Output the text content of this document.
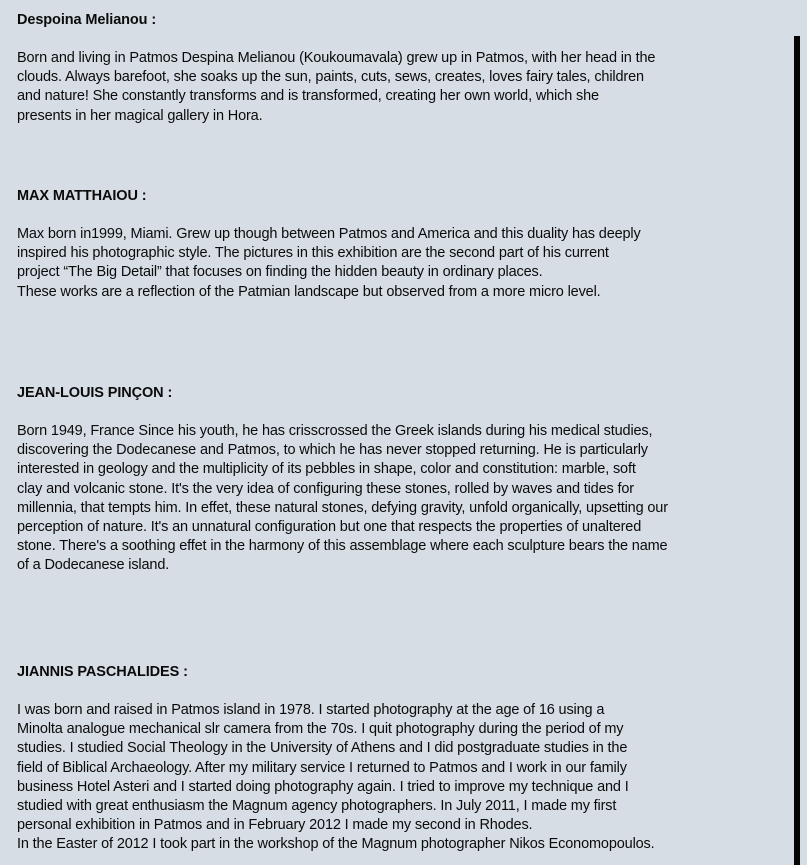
Despoina Melianou :

Born and living in Patmos Despina Melianou (Koukoumavala) grew up in Patmos, with her head in the
clouds. Always barefoot, she soaks up the sun, paints, cuts, sews, creates, loves fairy tales, children
and nature! She constantly transforms and is transformed, creating her own world, which she
presents in her magical gallery in Hora.

MAX MATTHAIOU :

Max born in1999, Miami. Grew up though between Patmos and America and this duality has deeply
inspired his photographic style. The pictures in this exhibition are the second part of his current
project “The Big Detail” that focuses on finding the hidden beauty in ordinary places.
These works are a reflection of the Patmian landscape but observed from a more micro level.

JEAN-LOUIS PINÇON :

Born 1949, France Since his youth, he has crisscrossed the Greek islands during his medical studies,
discovering the Dodecanese and Patmos, to which he has never stopped returning. He is particularly
interested in geology and the multiplicity of its pebbles in shape, color and constitution: marble, soft
clay and volcanic stone. It's the very idea of configuring these stones, rolled by waves and tides for
millennia, that tempts him. In effet, these natural stones, defying gravity, unfold organically, upsetting our
perception of nature. It's an unnatural configuration but one that respects the properties of unaltered
stone. There's a soothing effet in the harmony of this assemblage where each sculpture bears the name
of a Dodecanese island.

JIANNIS PASCHALIDES :

I was born and raised in Patmos island in 1978. I started photography at the age of 16 using a
Minolta analogue mechanical slr camera from the 70s. I quit photography during the period of my
studies. I studied Social Theology in the University of Athens and I did postgraduate studies in the
field of Biblical Archaeology. After my military service I returned to Patmos and I work in our family
business Hotel Asteri and I started doing photography again. I tried to improve my technique and I
studied with great enthusiasm the Magnum agency photographers. In July 2011, I made my first
personal exhibition in Patmos and in February 2012 I made my second in Rhodes.
In the Easter of 2012 I took part in the workshop of the Magnum photographer Nikos Economopoulos.
